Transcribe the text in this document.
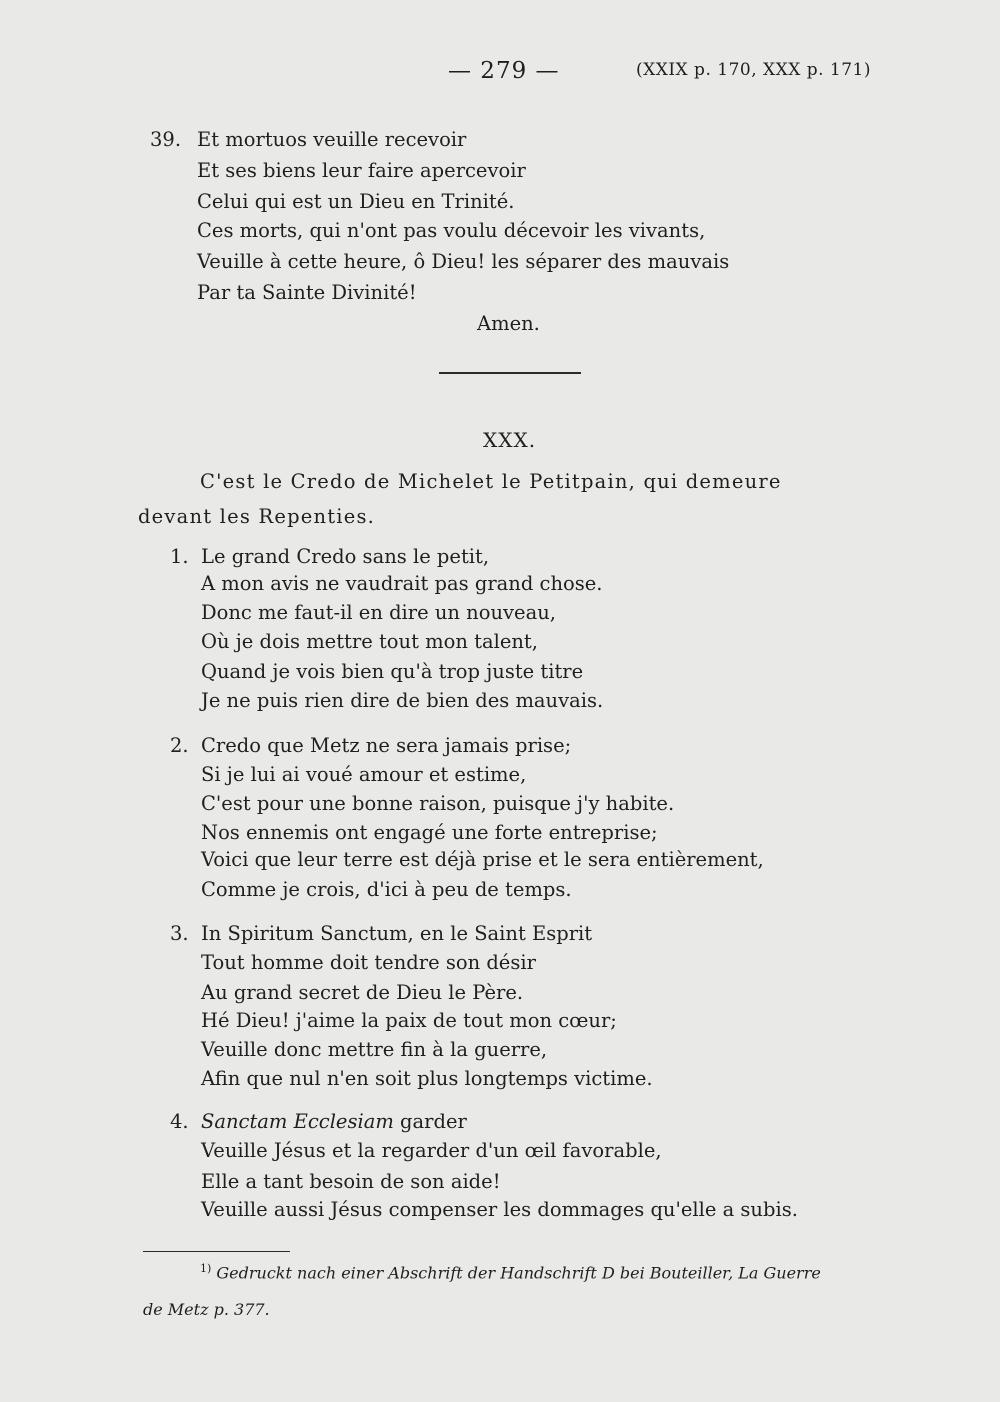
— 279 —	(XXIX p. 170, XXX p. 171)
39. Et mortuos veuille recevoir
Et ses biens leur faire apercevoir
Celui qui est un Dieu en Trinité.
Ces morts, qui n'ont pas voulu décevoir les vivants,
Veuille à cette heure, ô Dieu! les séparer des mauvais
Par ta Sainte Divinité!
Amen.
XXX.
C'est le Credo de Michelet le Petitpain, qui demeure
devant les Repenties.
1. Le grand Credo sans le petit,
A mon avis ne vaudrait pas grand chose.
Donc me faut-il en dire un nouveau,
Où je dois mettre tout mon talent,
Quand je vois bien qu'à trop juste titre
Je ne puis rien dire de bien des mauvais.
2. Credo que Metz ne sera jamais prise;
Si je lui ai voué amour et estime,
C'est pour une bonne raison, puisque j'y habite.
Nos ennemis ont engagé une forte entreprise;
Voici que leur terre est déjà prise et le sera entièrement,
Comme je crois, d'ici à peu de temps.
3. In Spiritum Sanctum, en le Saint Esprit
Tout homme doit tendre son désir
Au grand secret de Dieu le Père.
Hé Dieu! j'aime la paix de tout mon cœur;
Veuille donc mettre fin à la guerre,
Afin que nul n'en soit plus longtemps victime.
4. Sanctam Ecclesiam garder
Veuille Jésus et la regarder d'un œil favorable,
Elle a tant besoin de son aide!
Veuille aussi Jésus compenser les dommages qu'elle a subis.
$^{1)}$ Gedruckt nach einer Abschrift der Handschrift D bei Bouteiller, La Guerre
de Metz p. 377.
